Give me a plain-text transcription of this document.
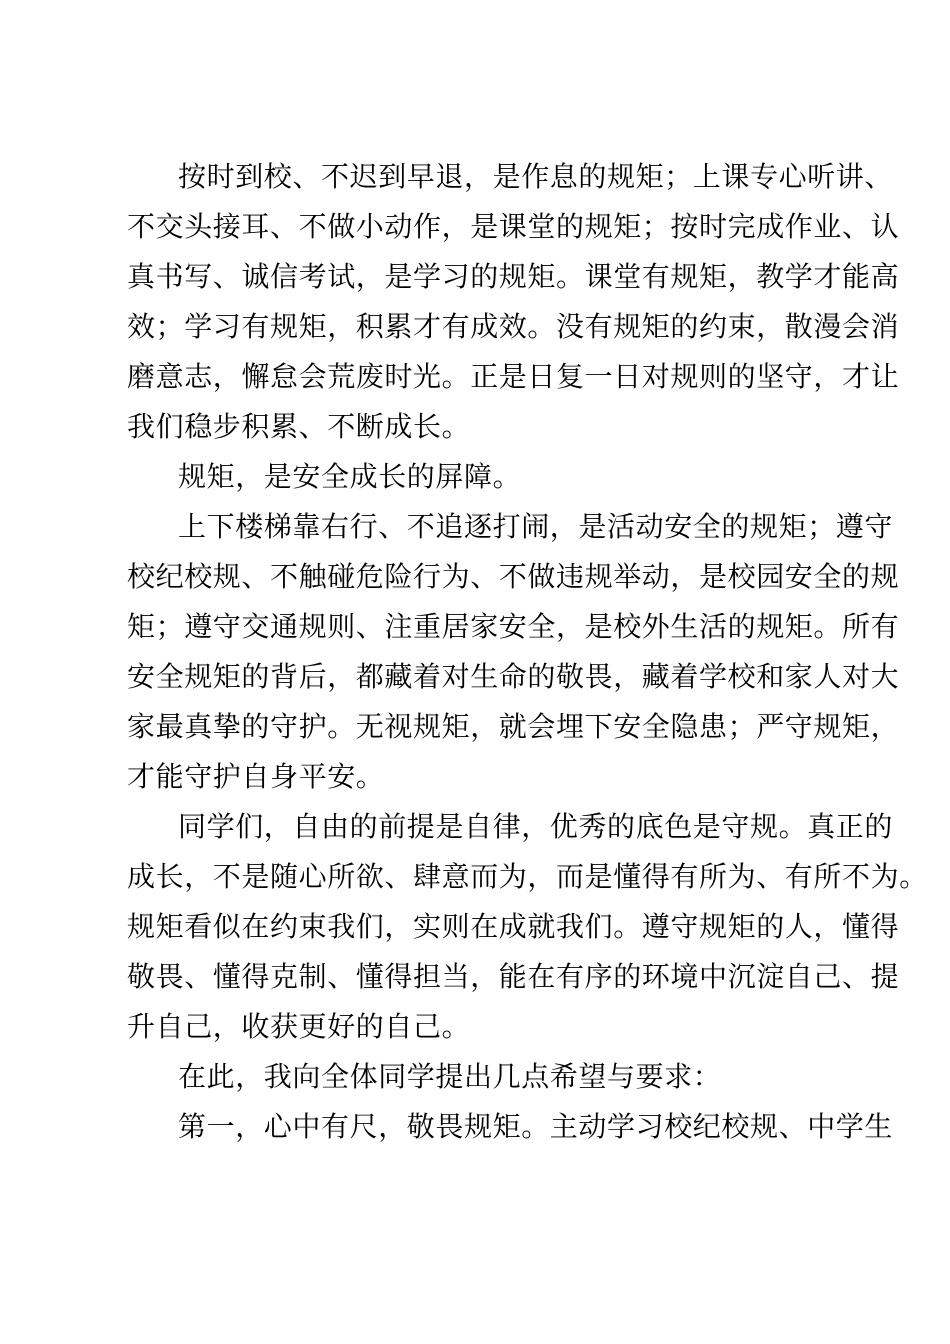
按时到校、不迟到早退，是作息的规矩；上课专心听讲、
不交头接耳、不做小动作，是课堂的规矩；按时完成作业、认
真书写、诚信考试，是学习的规矩。课堂有规矩，教学才能高
效；学习有规矩，积累才有成效。没有规矩的约束，散漫会消
磨意志，懈怠会荒废时光。正是日复一日对规则的坚守，才让
我们稳步积累、不断成长。
规矩，是安全成长的屏障。
上下楼梯靠右行、不追逐打闹，是活动安全的规矩；遵守
校纪校规、不触碰危险行为、不做违规举动，是校园安全的规
矩；遵守交通规则、注重居家安全，是校外生活的规矩。所有
安全规矩的背后，都藏着对生命的敬畏，藏着学校和家人对大
家最真挚的守护。无视规矩，就会埋下安全隐患；严守规矩，
才能守护自身平安。
同学们，自由的前提是自律，优秀的底色是守规。真正的
成长，不是随心所欲、肆意而为，而是懂得有所为、有所不为。
规矩看似在约束我们，实则在成就我们。遵守规矩的人，懂得
敬畏、懂得克制、懂得担当，能在有序的环境中沉淀自己、提
升自己，收获更好的自己。
在此，我向全体同学提出几点希望与要求：
第一，心中有尺，敬畏规矩。主动学习校纪校规、中学生
